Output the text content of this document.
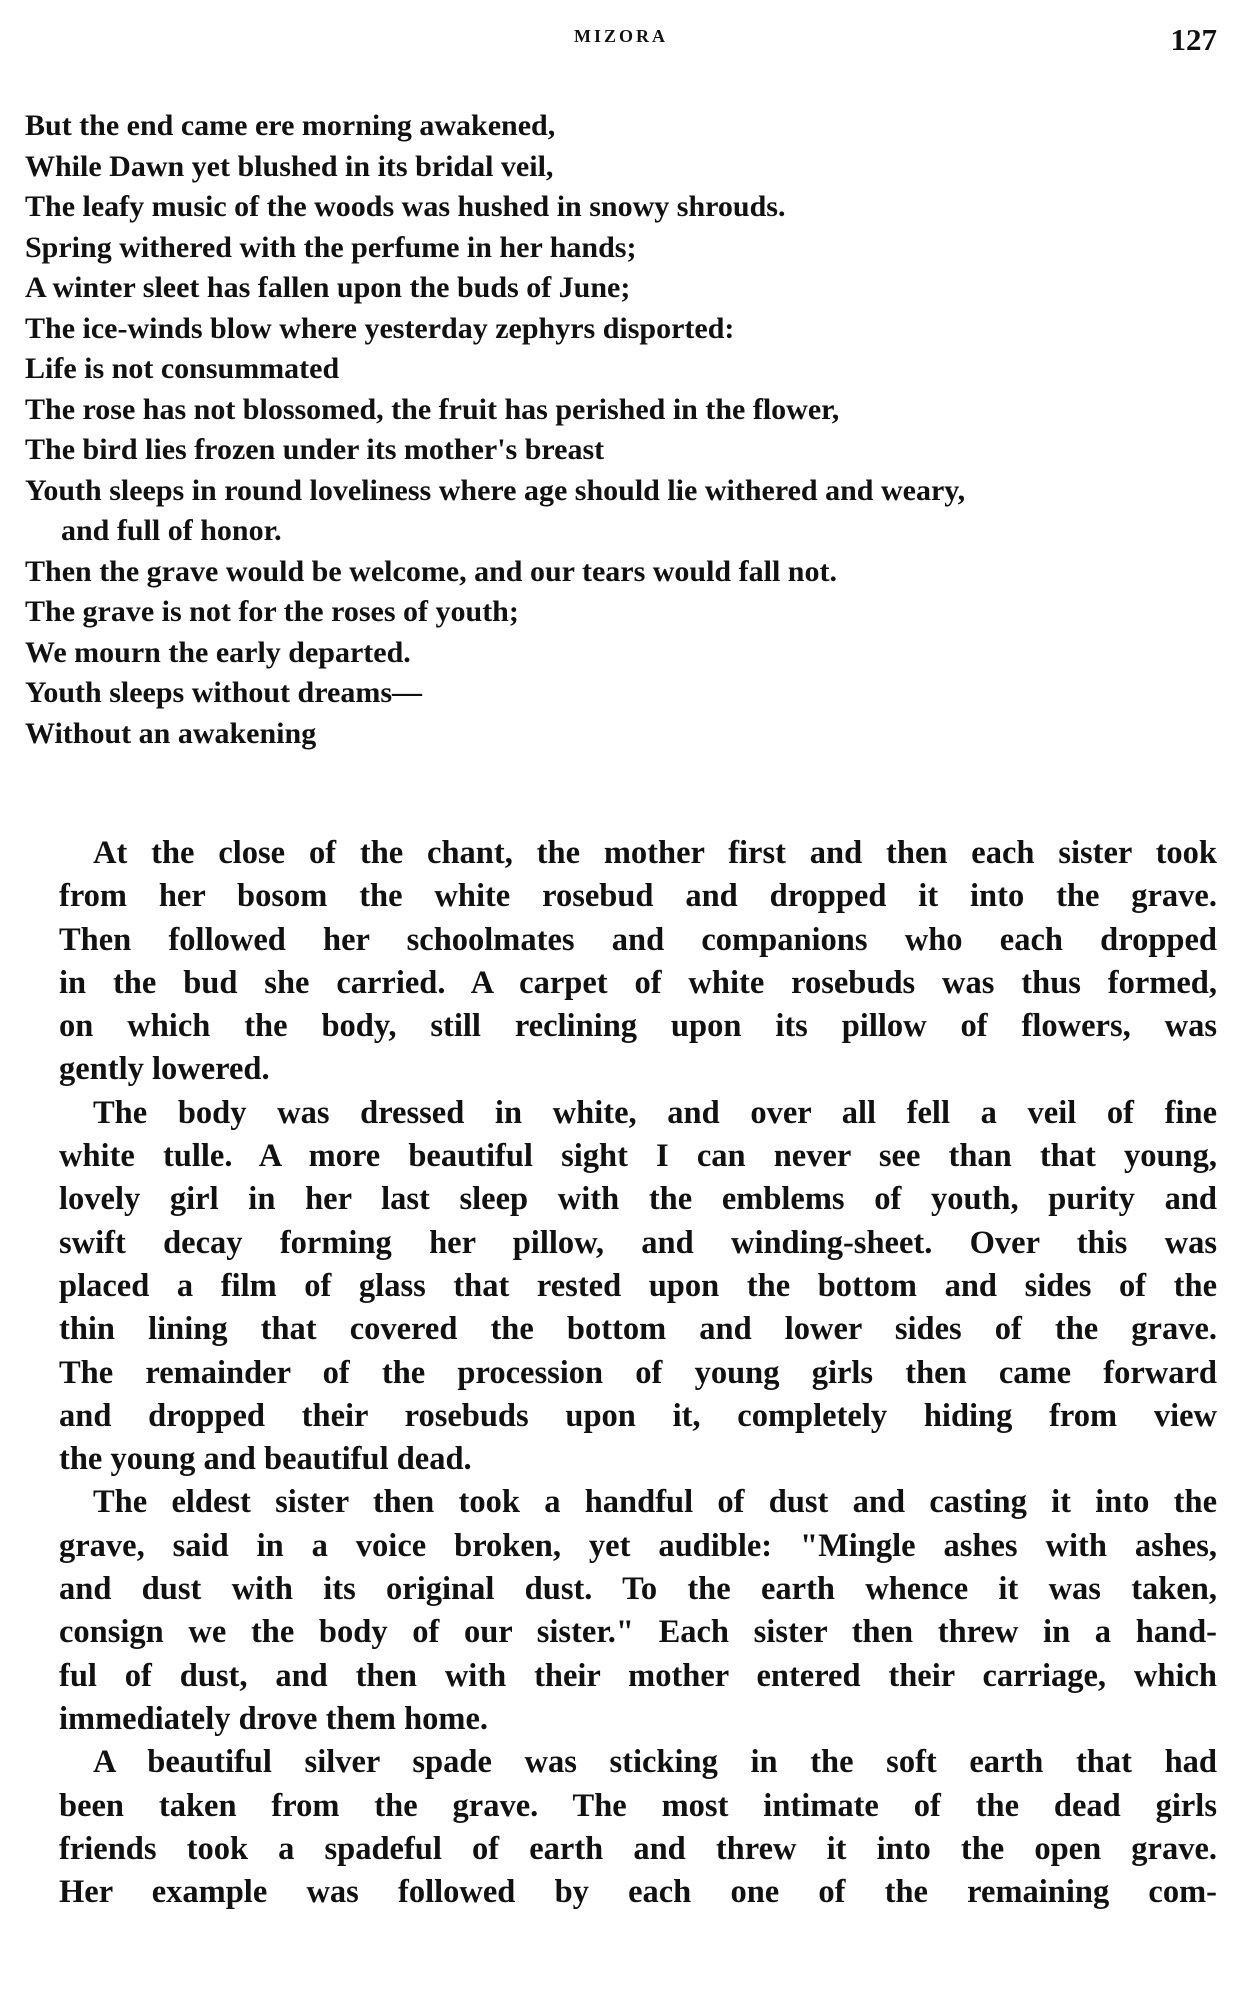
MIZORA	127
But the end came ere morning awakened,
While Dawn yet blushed in its bridal veil,
The leafy music of the woods was hushed in snowy shrouds.
Spring withered with the perfume in her hands;
A winter sleet has fallen upon the buds of June;
The ice-winds blow where yesterday zephyrs disported:
Life is not consummated
The rose has not blossomed, the fruit has perished in the flower,
The bird lies frozen under its mother's breast
Youth sleeps in round loveliness where age should lie withered and weary,
and full of honor.
Then the grave would be welcome, and our tears would fall not.
The grave is not for the roses of youth;
We mourn the early departed.
Youth sleeps without dreams—
Without an awakening
At the close of the chant, the mother first and then each sister took
from her bosom the white rosebud and dropped it into the grave.
Then followed her schoolmates and companions who each dropped
in the bud she carried. A carpet of white rosebuds was thus formed,
on which the body, still reclining upon its pillow of flowers, was
gently lowered.
The body was dressed in white, and over all fell a veil of fine
white tulle. A more beautiful sight I can never see than that young,
lovely girl in her last sleep with the emblems of youth, purity and
swift decay forming her pillow, and winding-sheet. Over this was
placed a film of glass that rested upon the bottom and sides of the
thin lining that covered the bottom and lower sides of the grave.
The remainder of the procession of young girls then came forward
and dropped their rosebuds upon it, completely hiding from view
the young and beautiful dead.
The eldest sister then took a handful of dust and casting it into the
grave, said in a voice broken, yet audible: "Mingle ashes with ashes,
and dust with its original dust. To the earth whence it was taken,
consign we the body of our sister." Each sister then threw in a hand-
ful of dust, and then with their mother entered their carriage, which
immediately drove them home.
A beautiful silver spade was sticking in the soft earth that had
been taken from the grave. The most intimate of the dead girls
friends took a spadeful of earth and threw it into the open grave.
Her example was followed by each one of the remaining com-
